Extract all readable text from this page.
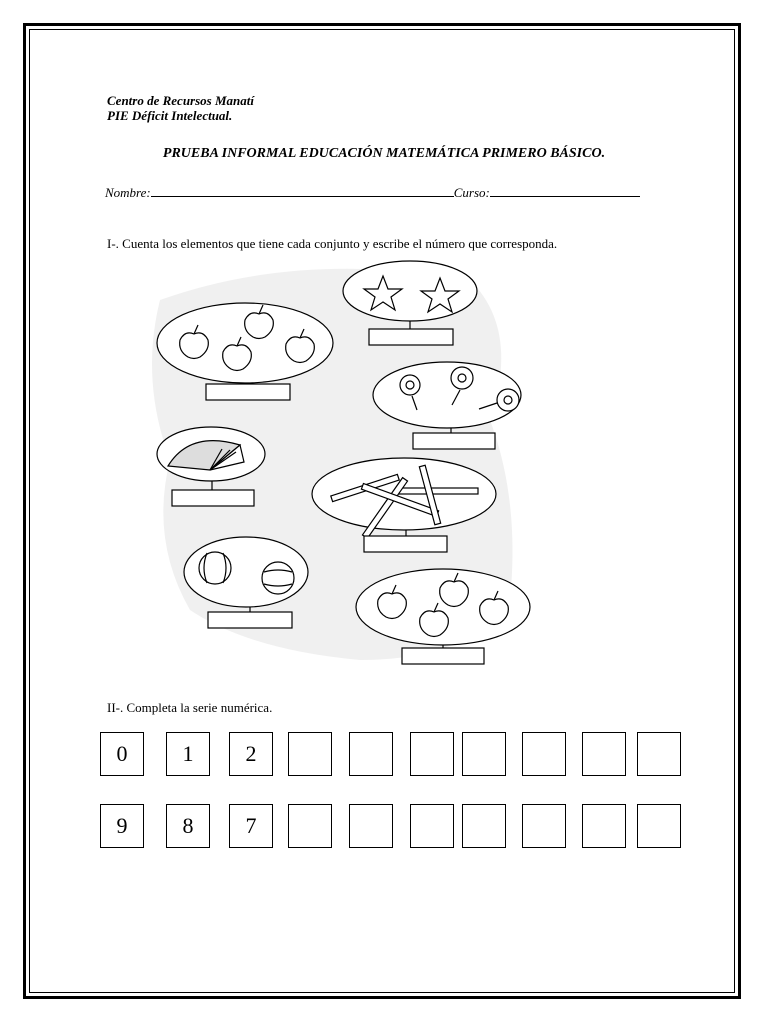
Centro de Recursos Manatí
PIE Déficit Intelectual.
PRUEBA INFORMAL EDUCACIÓN MATEMÁTICA PRIMERO BÁSICO.
Nombre:	Curso:
I-. Cuenta los elementos que tiene cada conjunto y escribe el número que corresponda.
II-. Completa la serie numérica.
0	1	2
9	8	7
